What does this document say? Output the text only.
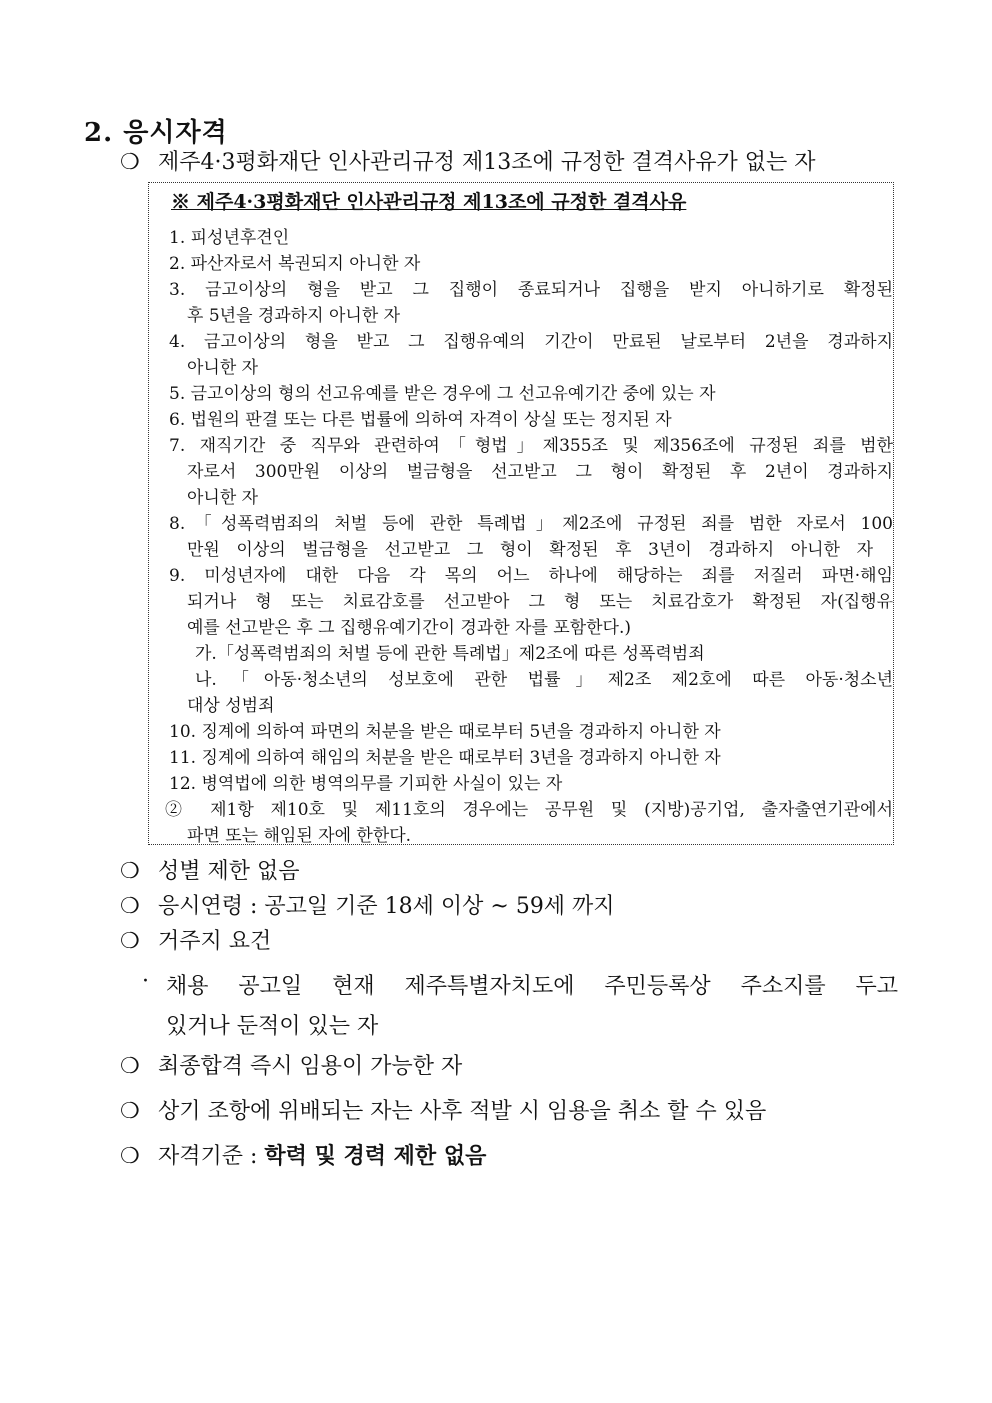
2. 응시자격
❍ 제주4·3평화재단 인사관리규정 제13조에 규정한 결격사유가 없는 자
※ 제주4·3평화재단 인사관리규정 제13조에 규정한 결격사유
1. 피성년후견인
2. 파산자로서 복권되지 아니한 자
3. 금고이상의 형을 받고 그 집행이 종료되거나 집행을 받지 아니하기로 확정된
후 5년을 경과하지 아니한 자
4. 금고이상의 형을 받고 그 집행유예의 기간이 만료된 날로부터 2년을 경과하지
아니한 자
5. 금고이상의 형의 선고유예를 받은 경우에 그 선고유예기간 중에 있는 자
6. 법원의 판결 또는 다른 법률에 의하여 자격이 상실 또는 정지된 자
7. 재직기간 중 직무와 관련하여「형법」제355조 및 제356조에 규정된 죄를 범한
자로서 300만원 이상의 벌금형을 선고받고 그 형이 확정된 후 2년이 경과하지
아니한 자
8.「성폭력범죄의 처벌 등에 관한 특례법」제2조에 규정된 죄를 범한 자로서 100
만원 이상의 벌금형을 선고받고 그 형이 확정된 후 3년이 경과하지 아니한 자
9. 미성년자에 대한 다음 각 목의 어느 하나에 해당하는 죄를 저질러 파면·해임
되거나 형 또는 치료감호를 선고받아 그 형 또는 치료감호가 확정된 자(집행유
예를 선고받은 후 그 집행유예기간이 경과한 자를 포함한다.)
가.「성폭력범죄의 처벌 등에 관한 특례법」제2조에 따른 성폭력범죄
나.「아동·청소년의 성보호에 관한 법률」제2조 제2호에 따른 아동·청소년
대상 성범죄
10. 징계에 의하여 파면의 처분을 받은 때로부터 5년을 경과하지 아니한 자
11. 징계에 의하여 해임의 처분을 받은 때로부터 3년을 경과하지 아니한 자
12. 병역법에 의한 병역의무를 기피한 사실이 있는 자
② 제1항 제10호 및 제11호의 경우에는 공무원 및 (지방)공기업, 출자출연기관에서
파면 또는 해임된 자에 한한다.
❍ 성별 제한 없음
❍ 응시연령 : 공고일 기준 18세 이상 ~ 59세 까지
❍ 거주지 요건
· 채용 공고일 현재 제주특별자치도에 주민등록상 주소지를 두고
있거나 둔적이 있는 자
❍ 최종합격 즉시 임용이 가능한 자
❍ 상기 조항에 위배되는 자는 사후 적발 시 임용을 취소 할 수 있음
❍ 자격기준 : 학력 및 경력 제한 없음
